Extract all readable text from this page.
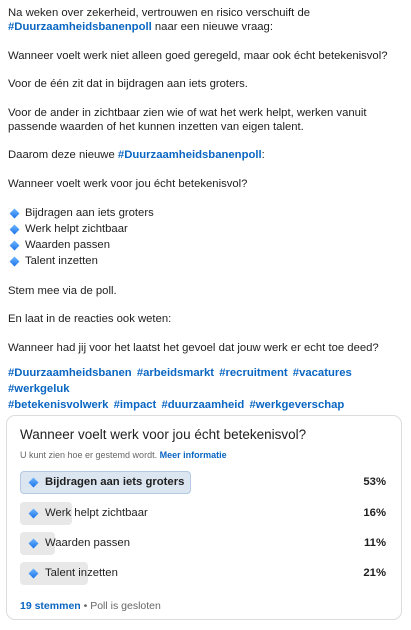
Na weken over zekerheid, vertrouwen en risico verschuift de #Duurzaamheidsbanenpoll naar een nieuwe vraag:

Wanneer voelt werk niet alleen goed geregeld, maar ook écht betekenisvol?

Voor de één zit dat in bijdragen aan iets groters.

Voor de ander in zichtbaar zien wie of wat het werk helpt, werken vanuit passende waarden of het kunnen inzetten van eigen talent.

Daarom deze nieuwe #Duurzaamheidsbanenpoll:

Wanneer voelt werk voor jou écht betekenisvol?

Bijdragen aan iets groters
Werk helpt zichtbaar
Waarden passen
Talent inzetten

Stem mee via de poll.

En laat in de reacties ook weten:

Wanneer had jij voor het laatst het gevoel dat jouw werk er echt toe deed?

#Duurzaamheidsbanen #arbeidsmarkt #recruitment #vacatures #werkgeluk
#betekenisvolwerk #impact #duurzaamheid #werkgeverschap
Wanneer voelt werk voor jou écht betekenisvol?
U kunt zien hoe er gestemd wordt. Meer informatie
Bijdragen aan iets groters	53%
Werk helpt zichtbaar	16%
Waarden passen	11%
Talent inzetten	21%
19 stemmen • Poll is gesloten
